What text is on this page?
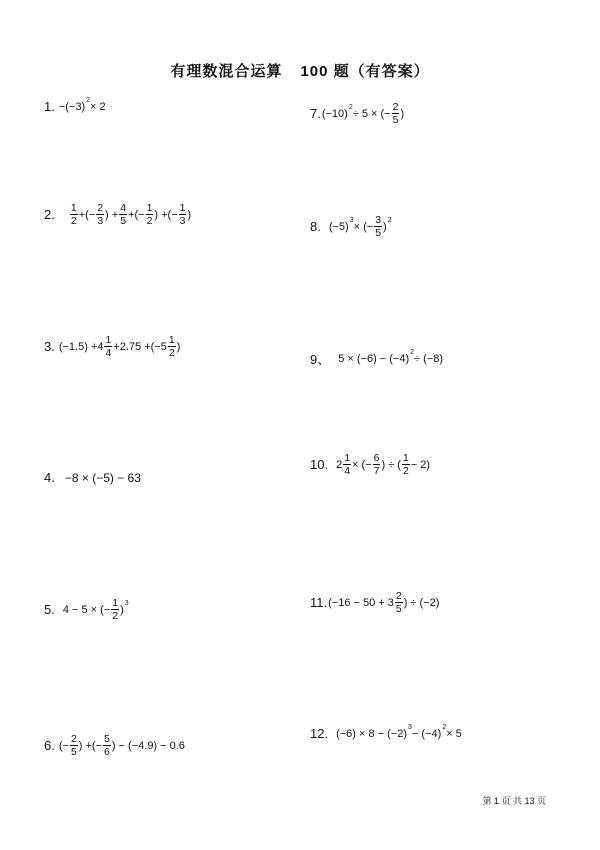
有理数混合运算 100 题（有答案）
1. −(−3) 2 × 2
2. $\frac{1}{2}$ +(− $\frac{2}{3}$ ) + $\frac{4}{5}$ +(− $\frac{1}{2}$ ) +(− $\frac{1}{3}$ )
3. $(-1.5) +4 \frac{1}{4} +2.75 +(-5 \frac{1}{2}$ )
4. −8 × (−5) − 63
5. 4 − 5 × (− $\frac{1}{2}$ ) 3
6. (− $\frac{2}{5}$ ) +(− $\frac{5}{6}$ ) − (−4.9) − 0.6
7. (−10) 2 ÷ 5 × (− $\frac{2}{5}$ )
8. (−5) 3 × (− $\frac{3}{5}$ ) 2
9、 5 × (−6) − (−4) 2 ÷ (−8)
10. $2 \frac{1}{4}$ × (− $\frac{6}{7}$ ) ÷ ( $\frac{1}{2} - 2$)
11. ($-16 - 50 + 3 \frac{2}{5}$ ) ÷ (−2)
12. (−6) × 8 − (−2) 3 − (−4) 2 × 5
第 1 页 共 13 页
